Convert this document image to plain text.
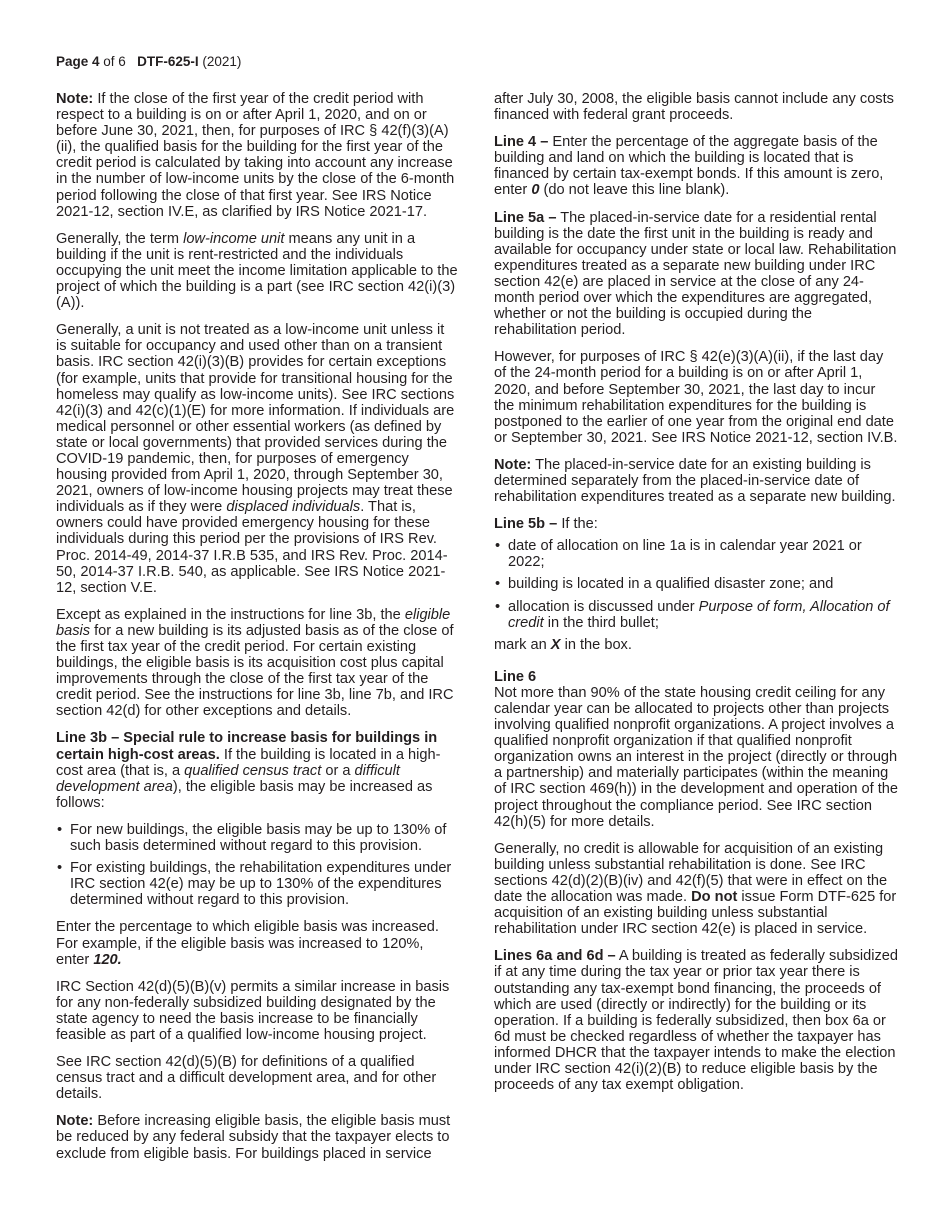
Page 4 of 6 DTF-625-I (2021)

Note: If the close of the first year of the credit period with respect to a building is on or after April 1, 2020, and on or before June 30, 2021, then, for purposes of IRC § 42(f)(3)(A)(ii), the qualified basis for the building for the first year of the credit period is calculated by taking into account any increase in the number of low-income units by the close of the 6-month period following the close of that first year. See IRS Notice 2021-12, section IV.E, as clarified by IRS Notice 2021-17.

Generally, the term low-income unit means any unit in a building if the unit is rent-restricted and the individuals occupying the unit meet the income limitation applicable to the project of which the building is a part (see IRC section 42(i)(3)(A)).

Generally, a unit is not treated as a low-income unit unless it is suitable for occupancy and used other than on a transient basis. IRC section 42(i)(3)(B) provides for certain exceptions (for example, units that provide for transitional housing for the homeless may qualify as low-income units). See IRC sections 42(i)(3) and 42(c)(1)(E) for more information. If individuals are medical personnel or other essential workers (as defined by state or local governments) that provided services during the COVID-19 pandemic, then, for purposes of emergency housing provided from April 1, 2020, through September 30, 2021, owners of low-income housing projects may treat these individuals as if they were displaced individuals. That is, owners could have provided emergency housing for these individuals during this period per the provisions of IRS Rev. Proc. 2014-49, 2014-37 I.R.B 535, and IRS Rev. Proc. 2014-50, 2014-37 I.R.B. 540, as applicable. See IRS Notice 2021-12, section V.E.

Except as explained in the instructions for line 3b, the eligible basis for a new building is its adjusted basis as of the close of the first tax year of the credit period. For certain existing buildings, the eligible basis is its acquisition cost plus capital improvements through the close of the first tax year of the credit period. See the instructions for line 3b, line 7b, and IRC section 42(d) for other exceptions and details.

Line 3b – Special rule to increase basis for buildings in certain high-cost areas. If the building is located in a high-cost area (that is, a qualified census tract or a difficult development area), the eligible basis may be increased as follows:

• For new buildings, the eligible basis may be up to 130% of such basis determined without regard to this provision.
• For existing buildings, the rehabilitation expenditures under IRC section 42(e) may be up to 130% of the expenditures determined without regard to this provision.

Enter the percentage to which eligible basis was increased. For example, if the eligible basis was increased to 120%, enter 120.

IRC Section 42(d)(5)(B)(v) permits a similar increase in basis for any non-federally subsidized building designated by the state agency to need the basis increase to be financially feasible as part of a qualified low-income housing project.

See IRC section 42(d)(5)(B) for definitions of a qualified census tract and a difficult development area, and for other details.

Note: Before increasing eligible basis, the eligible basis must be reduced by any federal subsidy that the taxpayer elects to exclude from eligible basis. For buildings placed in service

after July 30, 2008, the eligible basis cannot include any costs financed with federal grant proceeds.

Line 4 – Enter the percentage of the aggregate basis of the building and land on which the building is located that is financed by certain tax-exempt bonds. If this amount is zero, enter 0 (do not leave this line blank).

Line 5a – The placed-in-service date for a residential rental building is the date the first unit in the building is ready and available for occupancy under state or local law. Rehabilitation expenditures treated as a separate new building under IRC section 42(e) are placed in service at the close of any 24-month period over which the expenditures are aggregated, whether or not the building is occupied during the rehabilitation period.

However, for purposes of IRC § 42(e)(3)(A)(ii), if the last day of the 24-month period for a building is on or after April 1, 2020, and before September 30, 2021, the last day to incur the minimum rehabilitation expenditures for the building is postponed to the earlier of one year from the original end date or September 30, 2021. See IRS Notice 2021-12, section IV.B.

Note: The placed-in-service date for an existing building is determined separately from the placed-in-service date of rehabilitation expenditures treated as a separate new building.

Line 5b – If the:

• date of allocation on line 1a is in calendar year 2021 or 2022;
• building is located in a qualified disaster zone; and
• allocation is discussed under Purpose of form, Allocation of credit in the third bullet;

mark an X in the box.

Line 6

Not more than 90% of the state housing credit ceiling for any calendar year can be allocated to projects other than projects involving qualified nonprofit organizations. A project involves a qualified nonprofit organization if that qualified nonprofit organization owns an interest in the project (directly or through a partnership) and materially participates (within the meaning of IRC section 469(h)) in the development and operation of the project throughout the compliance period. See IRC section 42(h)(5) for more details.

Generally, no credit is allowable for acquisition of an existing building unless substantial rehabilitation is done. See IRC sections 42(d)(2)(B)(iv) and 42(f)(5) that were in effect on the date the allocation was made. Do not issue Form DTF-625 for acquisition of an existing building unless substantial rehabilitation under IRC section 42(e) is placed in service.

Lines 6a and 6d – A building is treated as federally subsidized if at any time during the tax year or prior tax year there is outstanding any tax-exempt bond financing, the proceeds of which are used (directly or indirectly) for the building or its operation. If a building is federally subsidized, then box 6a or 6d must be checked regardless of whether the taxpayer has informed DHCR that the taxpayer intends to make the election under IRC section 42(i)(2)(B) to reduce eligible basis by the proceeds of any tax exempt obligation.
